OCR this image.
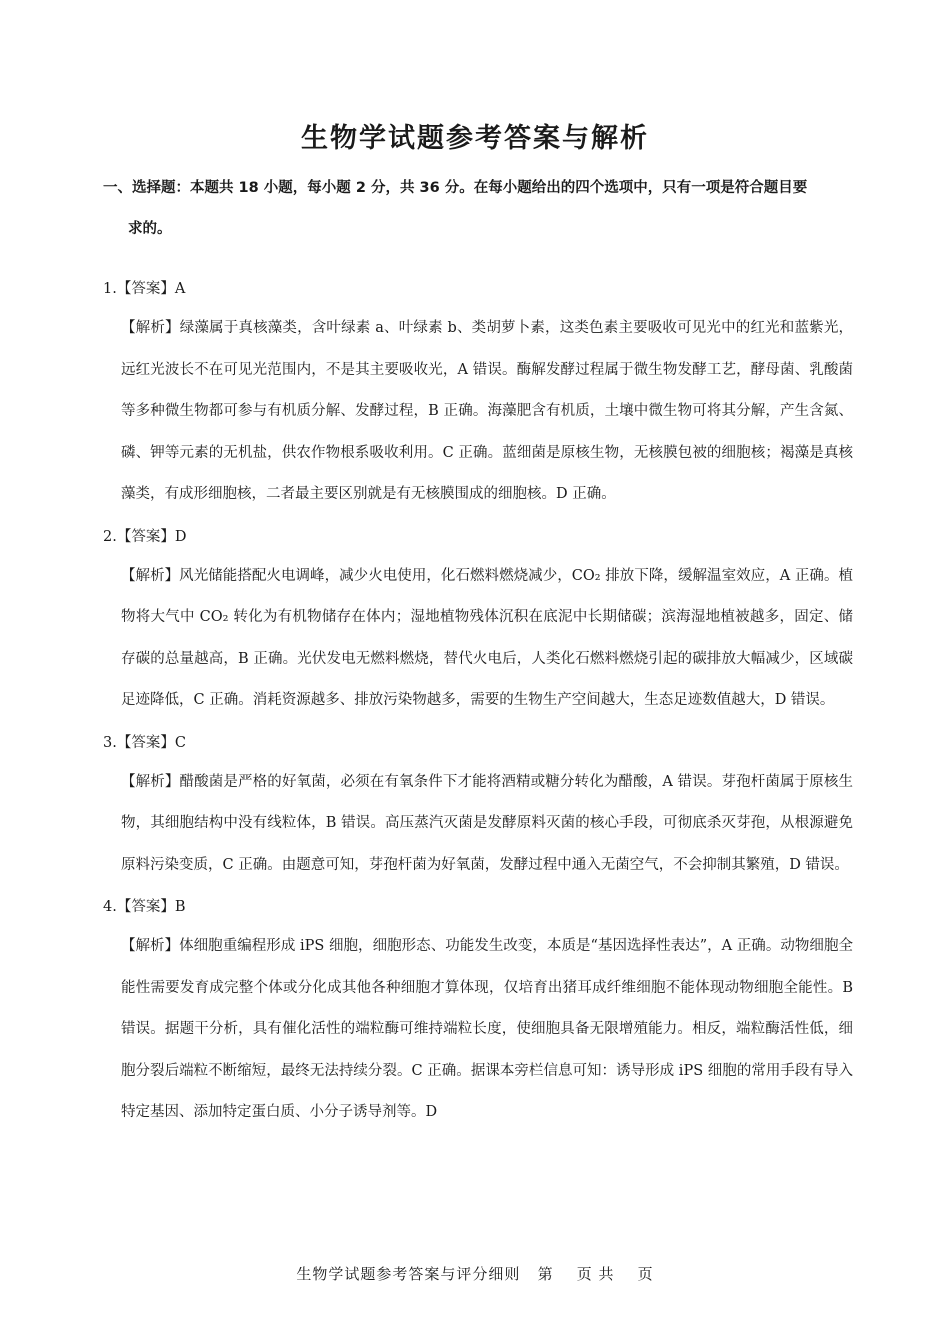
生物学试题参考答案与解析

一、选择题：本题共 18 小题，每小题 2 分，共 36 分。在每小题给出的四个选项中，只有一项是符合题目要
求的。

1.【答案】A

【解析】绿藻属于真核藻类，含叶绿素 a、叶绿素 b、类胡萝卜素，这类色素主要吸收可见光中的红光和蓝紫光，远红光波长不在可见光范围内，不是其主要吸收光，A 错误。酶解发酵过程属于微生物发酵工艺，酵母菌、乳酸菌等多种微生物都可参与有机质分解、发酵过程，B 正确。海藻肥含有机质，土壤中微生物可将其分解，产生含氮、磷、钾等元素的无机盐，供农作物根系吸收利用。C 正确。蓝细菌是原核生物，无核膜包被的细胞核；褐藻是真核藻类，有成形细胞核，二者最主要区别就是有无核膜围成的细胞核。D 正确。

2.【答案】D

【解析】风光储能搭配火电调峰，减少火电使用，化石燃料燃烧减少，CO₂ 排放下降，缓解温室效应，A 正确。植物将大气中 CO₂ 转化为有机物储存在体内；湿地植物残体沉积在底泥中长期储碳；滨海湿地植被越多，固定、储存碳的总量越高，B 正确。光伏发电无燃料燃烧，替代火电后，人类化石燃料燃烧引起的碳排放大幅减少，区域碳足迹降低，C 正确。消耗资源越多、排放污染物越多，需要的生物生产空间越大，生态足迹数值越大，D 错误。

3.【答案】C

【解析】醋酸菌是严格的好氧菌，必须在有氧条件下才能将酒精或糖分转化为醋酸，A 错误。芽孢杆菌属于原核生物，其细胞结构中没有线粒体，B 错误。高压蒸汽灭菌是发酵原料灭菌的核心手段，可彻底杀灭芽孢，从根源避免原料污染变质，C 正确。由题意可知，芽孢杆菌为好氧菌，发酵过程中通入无菌空气，不会抑制其繁殖，D 错误。

4.【答案】B

【解析】体细胞重编程形成 iPS 细胞，细胞形态、功能发生改变，本质是“基因选择性表达”，A 正确。动物细胞全能性需要发育成完整个体或分化成其他各种细胞才算体现，仅培育出猪耳成纤维细胞不能体现动物细胞全能性。B 错误。据题干分析，具有催化活性的端粒酶可维持端粒长度，使细胞具备无限增殖能力。相反，端粒酶活性低，细胞分裂后端粒不断缩短，最终无法持续分裂。C 正确。据课本旁栏信息可知：诱导形成 iPS 细胞的常用手段有导入特定基因、添加特定蛋白质、小分子诱导剂等。D

生物学试题参考答案与评分细则 第 页 共 页
